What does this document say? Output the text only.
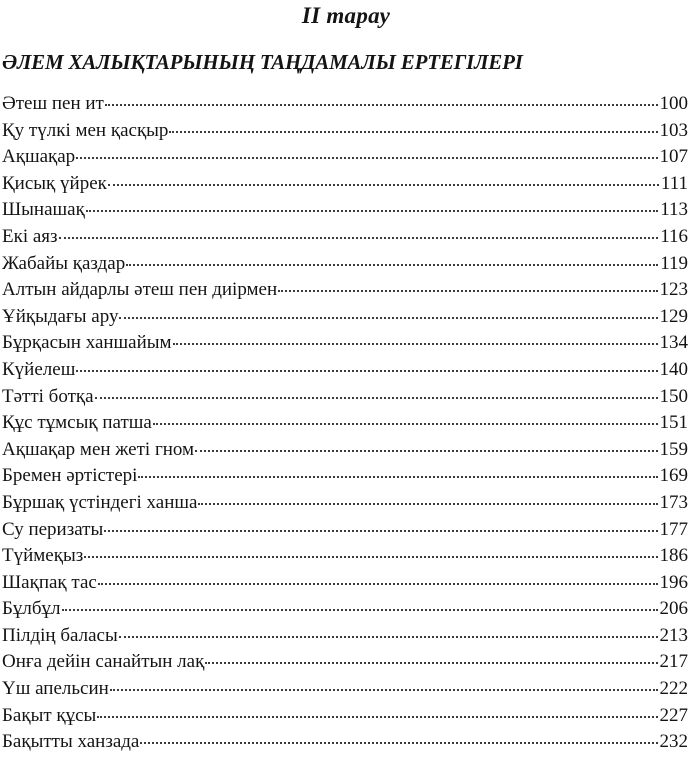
II тарау
ӘЛЕМ ХАЛЫҚТАРЫНЫҢ ТАҢДАМАЛЫ ЕРТЕГІЛЕРІ
Әтеш пен ит	100
Қу түлкі мен қасқыр	103
Ақшақар	107
Қисық үйрек	111
Шынашақ	113
Екі аяз	116
Жабайы қаздар	119
Алтын айдарлы әтеш пен диірмен	123
Ұйқыдағы ару	129
Бұрқасын ханшайым	134
Күйелеш	140
Тәтті ботқа	150
Құс тұмсық патша	151
Ақшақар мен жеті гном	159
Бремен әртістері	169
Бұршақ үстіндегі ханша	173
Су перизаты	177
Түймеқыз	186
Шақпақ тас	196
Бұлбұл	206
Пілдің баласы	213
Онға дейін санайтын лақ	217
Үш апельсин	222
Бақыт құсы	227
Бақытты ханзада	232
